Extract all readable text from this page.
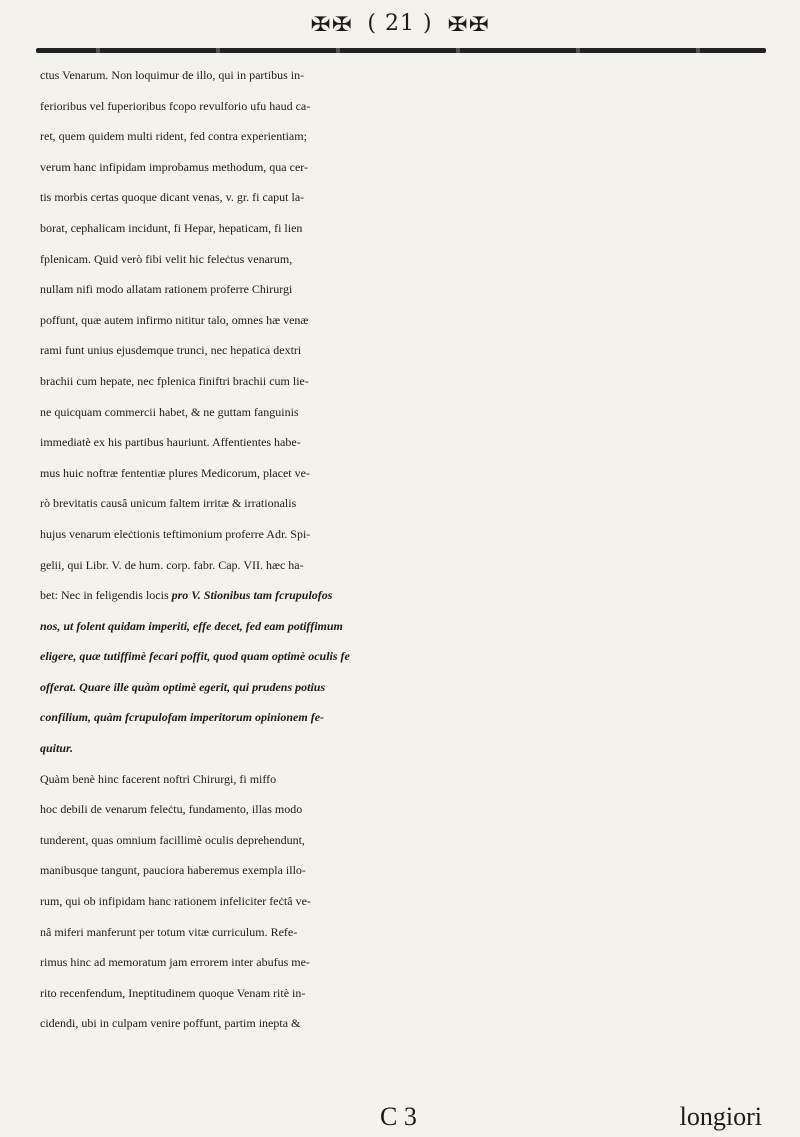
✠✠ ( 21 ) ✠✠
ctus Venarum. Non loquimur de illo, qui in partibus in-
ferioribus vel fuperioribus fcopo revulforio ufu haud ca-
ret, quem quidem multi rident, fed contra experientiam;
verum hanc infipidam improbamus methodum, qua cer-
tis morbis certas quoque dicant venas, v. gr. fi caput la-
borat, cephalicam incidunt, fi Hepar, hepaticam, fi lien
fplenicam. Quid verò fibi velit hic feleċtus venarum,
nullam nifi modo allatam rationem proferre Chirurgi
poffunt, quæ autem infirmo nititur talo, omnes hæ venæ
rami funt unius ejusdemque trunci, nec hepatica dextri
brachii cum hepate, nec fplenica finiftri brachii cum lie-
ne quicquam commercii habet, & ne guttam fanguinis
immediatè ex his partibus hauriunt. Affentientes habe-
mus huic noftræ fententiæ plures Medicorum, placet ve-
rò brevitatis causâ unicum faltem irritæ & irrationalis
hujus venarum eleċtionis teftimonium proferre Adr. Spi-
gelii, qui Libr. V. de hum. corp. fabr. Cap. VII. hæc ha-
bet: Nec in feligendis locis pro V. Stionibus tam fcrupulofos
nos, ut folent quidam imperiti, effe decet, fed eam potiffimum
eligere, quæ tutiffimè fecari poffit, quod quam optimè oculis fe
offerat. Quare ille quàm optimè egerit, qui prudens potius
confilium, quàm fcrupulofam imperitorum opinionem fe-
quitur.
Quàm benè hinc facerent noftri Chirurgi, fi miffo
hoc debili de venarum feleċtu, fundamento, illas modo
tunderent, quas omnium facillimè oculis deprehendunt,
manibusque tangunt, pauciora haberemus exempla illo-
rum, qui ob infipidam hanc rationem infeliciter feċtâ ve-
nâ miferi manferunt per totum vitæ curriculum. Refe-
rimus hinc ad memoratum jam errorem inter abufus me-
rito recenfendum, Ineptitudinem quoque Venam ritè in-
cidendi, ubi in culpam venire poffunt, partim inepta &
C 3	longiori
